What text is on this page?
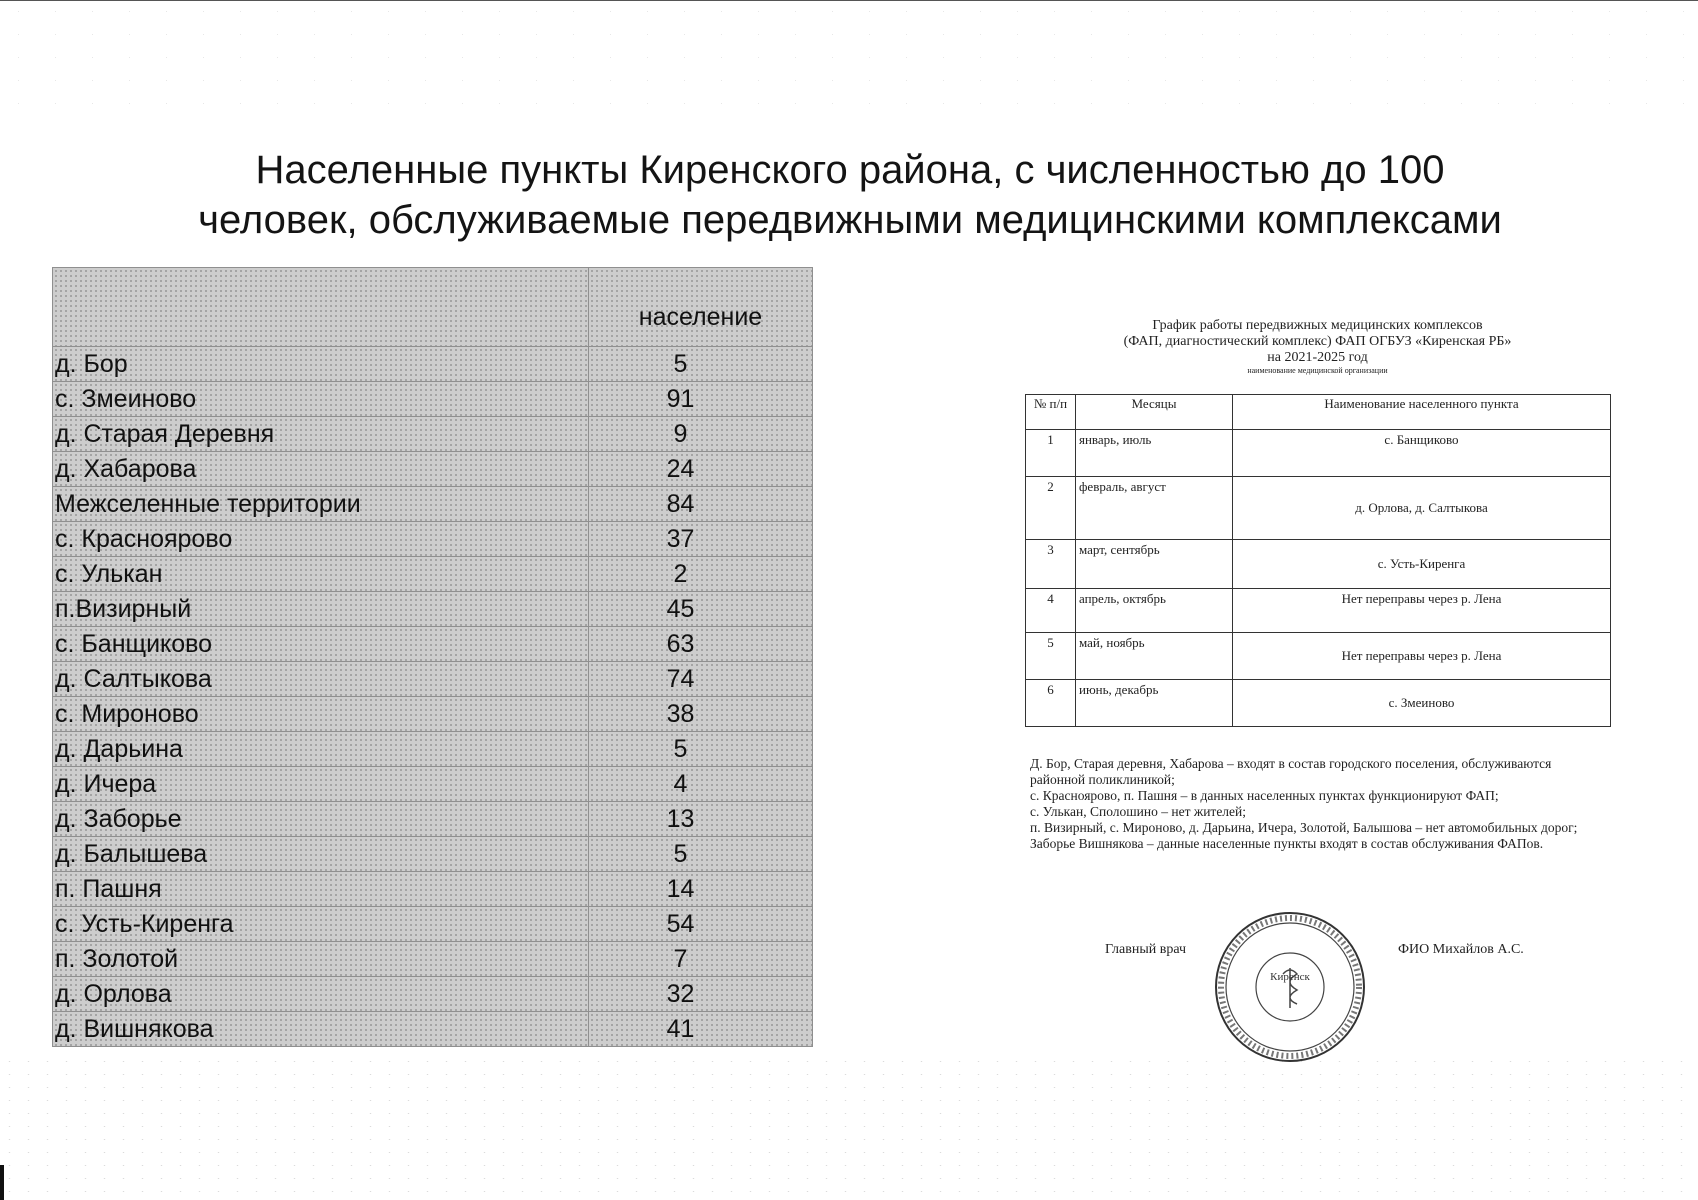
Населенные пункты Киренского района, с численностью до 100
человек, обслуживаемые передвижными медицинскими комплексами
	население
д. Бор	5
с. Змеиново	91
д. Старая Деревня	9
д. Хабарова	24
Межселенные территории	84
с. Красноярово	37
с. Улькан	2
п.Визирный	45
с. Банщиково	63
д. Салтыкова	74
с. Мироново	38
д. Дарьина	5
д. Ичера	4
д. Заборье	13
д. Балышева	5
п. Пашня	14
с. Усть-Киренга	54
п. Золотой	7
д. Орлова	32
д. Вишнякова	41
График работы передвижных медицинских комплексов
(ФАП, диагностический комплекс) ФАП ОГБУЗ «Киренская РБ»
на 2021-2025 год
наименование медицинской организации
№ п/п	Месяцы	Наименование населенного пункта
1	январь, июль	с. Банщиково
2	февраль, август	д. Орлова, д. Салтыкова
3	март, сентябрь	с. Усть-Киренга
4	апрель, октябрь	Нет переправы через р. Лена
5	май, ноябрь	Нет переправы через р. Лена
6	июнь, декабрь	с. Змеиново

Д. Бор, Старая деревня, Хабарова – входят в состав городского поселения, обслуживаются районной поликлиникой;

с. Красноярово, п. Пашня – в данных населенных пунктах функционируют ФАП;

с. Улькан, Сполошино – нет жителей;

п. Визирный, с. Мироново, д. Дарьина, Ичера, Золотой, Балышова – нет автомобильных дорог;

Заборье Вишнякова – данные населенные пункты входят в состав обслуживания ФАПов.

Главный врач	ФИО Михайлов А.С.
Киренск
